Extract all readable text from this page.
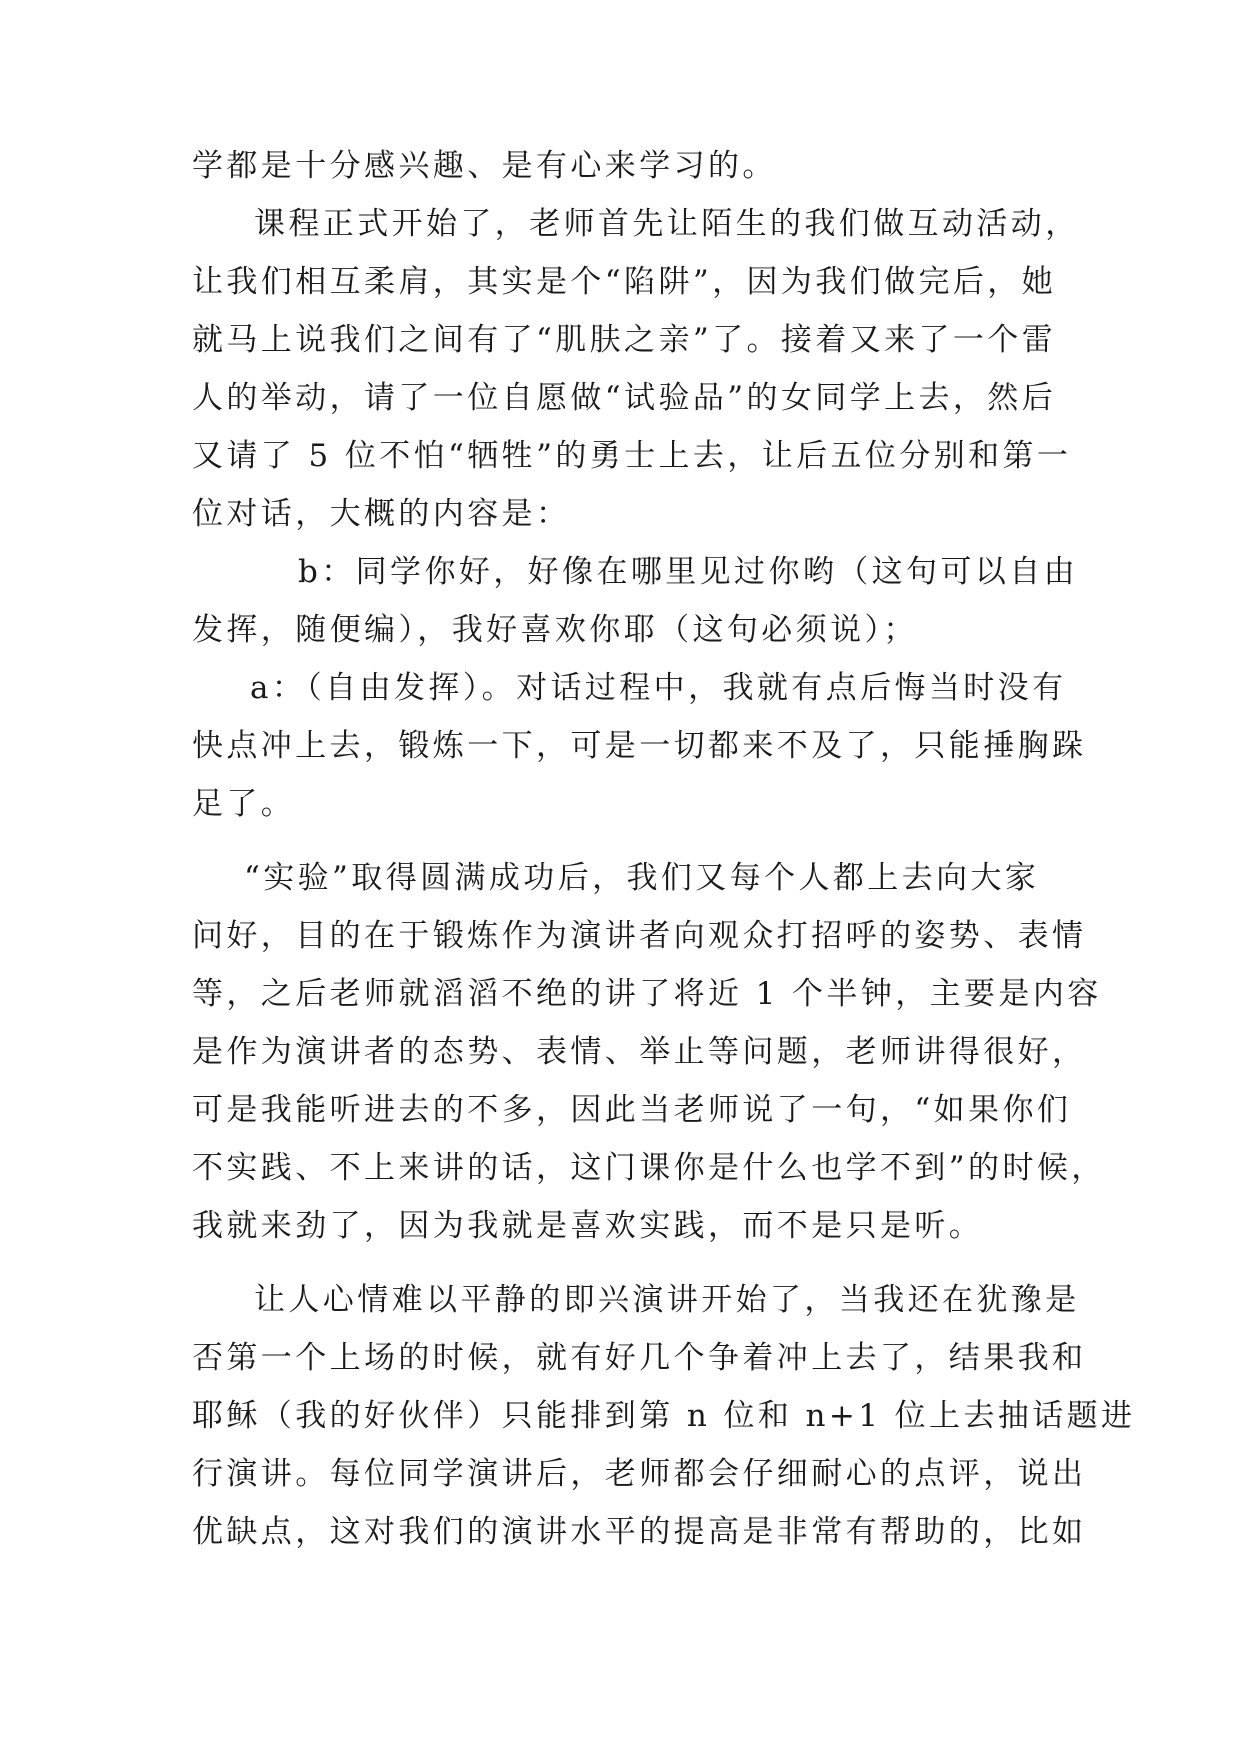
学都是十分感兴趣、是有心来学习的。
课程正式开始了，老师首先让陌生的我们做互动活动，
让我们相互柔肩，其实是个“陷阱”，因为我们做完后，她
就马上说我们之间有了“肌肤之亲”了。接着又来了一个雷
人的举动，请了一位自愿做“试验品”的女同学上去，然后
又请了 5 位不怕“牺牲”的勇士上去，让后五位分别和第一
位对话，大概的内容是：
b：同学你好，好像在哪里见过你哟（这句可以自由
发挥，随便编），我好喜欢你耶（这句必须说）；
a：（自由发挥）。对话过程中，我就有点后悔当时没有
快点冲上去，锻炼一下，可是一切都来不及了，只能捶胸跺
足了。
“实验”取得圆满成功后，我们又每个人都上去向大家
问好，目的在于锻炼作为演讲者向观众打招呼的姿势、表情
等，之后老师就滔滔不绝的讲了将近 1 个半钟，主要是内容
是作为演讲者的态势、表情、举止等问题，老师讲得很好，
可是我能听进去的不多，因此当老师说了一句，“如果你们
不实践、不上来讲的话，这门课你是什么也学不到”的时候，
我就来劲了，因为我就是喜欢实践，而不是只是听。
让人心情难以平静的即兴演讲开始了，当我还在犹豫是
否第一个上场的时候，就有好几个争着冲上去了，结果我和
耶稣（我的好伙伴）只能排到第 n 位和 n+1 位上去抽话题进
行演讲。每位同学演讲后，老师都会仔细耐心的点评，说出
优缺点，这对我们的演讲水平的提高是非常有帮助的，比如
